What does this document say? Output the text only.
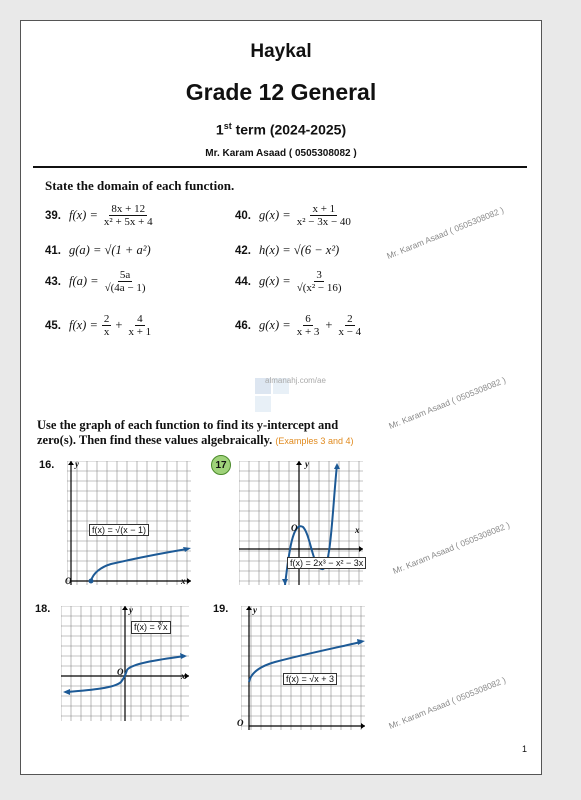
Haykal
Grade 12 General
1st term (2024-2025)
Mr. Karam Asaad ( 0505308082 )
State the domain of each function.
39. $f(x) = \frac{8x + 12}{\text{x² + 5x + 4}}$	40. $g(x) = \frac{x + 1}{\text{x² − 3x − 40}}$
41. g(a) = √(1 + a²)	42. h(x) = √(6 − x²)
43. $f(a) = \frac{5a}{√(4a - 1)}$	44. $g(x) = \frac{3}{\text{√(x² − 16)}}$
45. $f(x) = \frac{2}{x} + \frac{4}{x + 1}$	46. $g(x) = \frac{6}{x + 3} + \frac{2}{x - 4}$
almanahj.com/ae
Use the graph of each function to find its y-intercept and
zero(s). Then find these values algebraically. (Examples 3 and 4)
16. y
x
O
f(x) = √(x − 1)
17	y
x
O
f(x) = 2x³ − x² − 3x
18.	y
x
O
f(x) = ∛x
19.	y
O
f(x) = √x + 3
Mr. Karam Asaad ( 0505308082 )
Mr. Karam Asaad ( 0505308082 )
Mr. Karam Asaad ( 0505308082 )
Mr. Karam Asaad ( 0505308082 )
1
